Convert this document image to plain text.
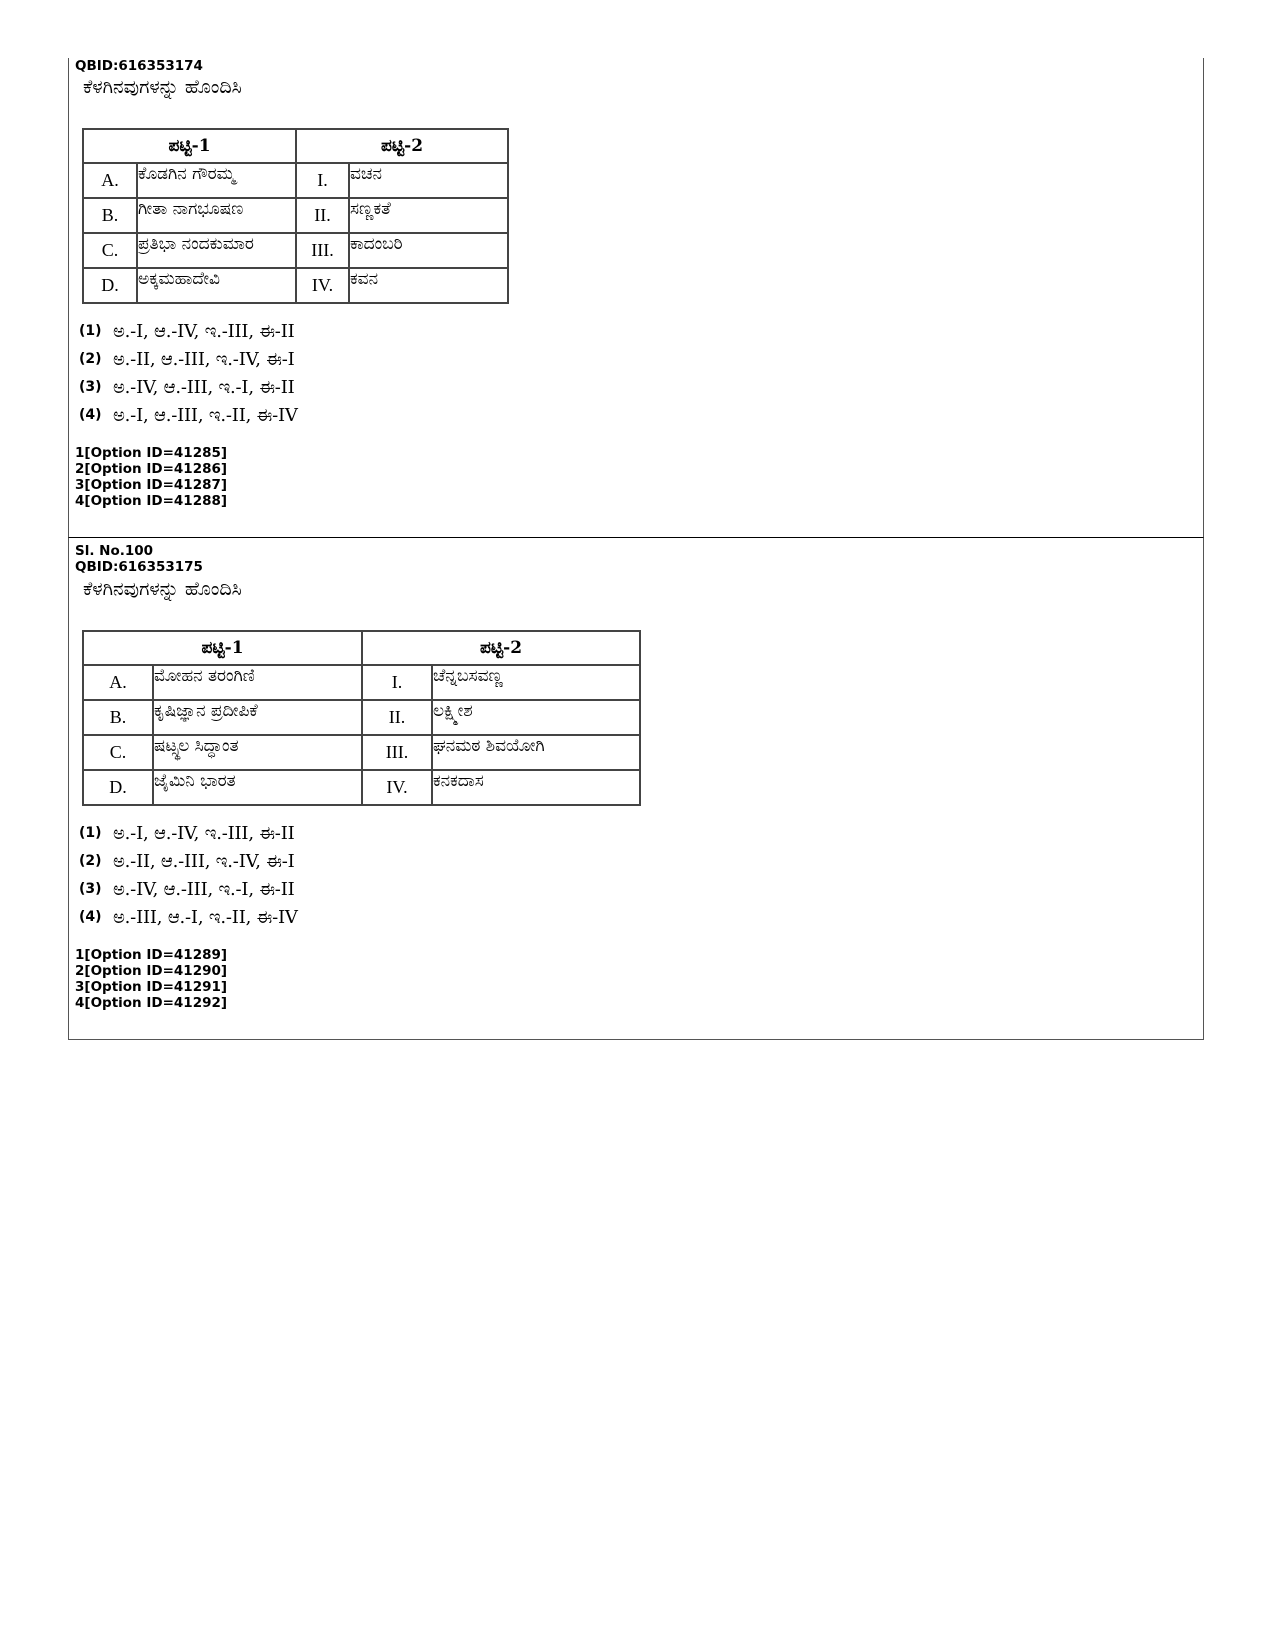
QBID:616353174
ಕೆಳಗಿನವುಗಳನ್ನು ಹೊಂದಿಸಿ
ಪಟ್ಟಿ-1		ಪಟ್ಟಿ-2	
A.	ಕೊಡಗಿನ ಗೌರಮ್ಮ	I.	ವಚನ
B.	ಗೀತಾ ನಾಗಭೂಷಣ	II.	ಸಣ್ಣಕತೆ
C.	ಪ್ರತಿಭಾ ನಂದಕುಮಾರ	III.	ಕಾದಂಬರಿ
D.	ಅಕ್ಕಮಹಾದೇವಿ	IV.	ಕವನ
(1) ಅ.-I, ಆ.-IV, ಇ.-III, ಈ-II
(2) ಅ.-II, ಆ.-III, ಇ.-IV, ಈ-I
(3) ಅ.-IV, ಆ.-III, ಇ.-I, ಈ-II
(4) ಅ.-I, ಆ.-III, ಇ.-II, ಈ-IV
1[Option ID=41285]
2[Option ID=41286]
3[Option ID=41287]
4[Option ID=41288]
Sl. No.100
QBID:616353175
ಕೆಳಗಿನವುಗಳನ್ನು ಹೊಂದಿಸಿ
ಪಟ್ಟಿ-1		ಪಟ್ಟಿ-2	
A.	ಮೋಹನ ತರಂಗಿಣಿ	I.	ಚೆನ್ನಬಸವಣ್ಣ
B.	ಕೃಷಿಜ್ಞಾನ ಪ್ರದೀಪಿಕೆ	II.	ಲಕ್ಷ್ಮೀಶ
C.	ಷಟ್ಸ್ಥಲ ಸಿದ್ಧಾಂತ	III.	ಘನಮಠ ಶಿವಯೋಗಿ
D.	ಜೈಮಿನಿ ಭಾರತ	IV.	ಕನಕದಾಸ
(1) ಅ.-I, ಆ.-IV, ಇ.-III, ಈ-II
(2) ಅ.-II, ಆ.-III, ಇ.-IV, ಈ-I
(3) ಅ.-IV, ಆ.-III, ಇ.-I, ಈ-II
(4) ಅ.-III, ಆ.-I, ಇ.-II, ಈ-IV
1[Option ID=41289]
2[Option ID=41290]
3[Option ID=41291]
4[Option ID=41292]
